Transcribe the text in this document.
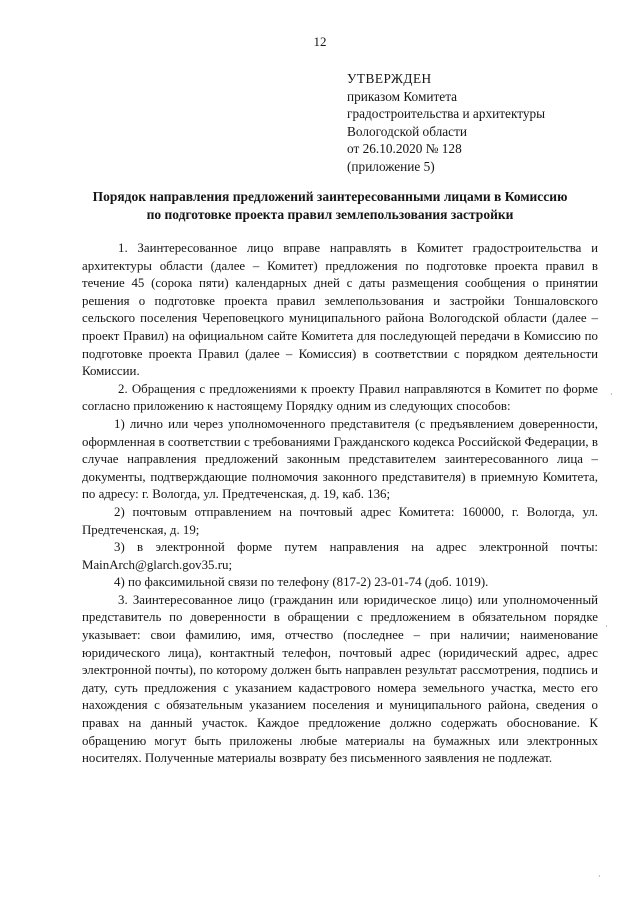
12
УТВЕРЖДЕН
приказом Комитета
градостроительства и архитектуры
Вологодской области
от 26.10.2020 № 128
(приложение 5)
Порядок направления предложений заинтересованными лицами в Комиссию
по подготовке проекта правил землепользования застройки

1. Заинтересованное лицо вправе направлять в Комитет градостроительства и архитектуры области (далее – Комитет) предложения по подготовке проекта правил в течение 45 (сорока пяти) календарных дней с даты размещения сообщения о принятии решения о подготовке проекта правил землепользования и застройки Тоншаловского сельского поселения Череповецкого муниципального района Вологодской области (далее – проект Правил) на официальном сайте Комитета для последующей передачи в Комиссию по подготовке проекта Правил (далее – Комиссия) в соответствии с порядком деятельности Комиссии.

2. Обращения с предложениями к проекту Правил направляются в Комитет по форме согласно приложению к настоящему Порядку одним из следующих способов:

1) лично или через уполномоченного представителя (с предъявлением доверенности, оформленная в соответствии с требованиями Гражданского кодекса Российской Федерации, в случае направления предложений законным представителем заинтересованного лица – документы, подтверждающие полномочия законного представителя) в приемную Комитета, по адресу: г. Вологда, ул. Предтеченская, д. 19, каб. 136;

2) почтовым отправлением на почтовый адрес Комитета: 160000, г. Вологда, ул. Предтеченская, д. 19;

3) в электронной форме путем направления на адрес электронной почты: MainArch@glarch.gov35.ru;

4) по факсимильной связи по телефону (817-2) 23-01-74 (доб. 1019).

3. Заинтересованное лицо (гражданин или юридическое лицо) или уполномоченный представитель по доверенности в обращении с предложением в обязательном порядке указывает: свои фамилию, имя, отчество (последнее – при наличии; наименование юридического лица), контактный телефон, почтовый адрес (юридический адрес, адрес электронной почты), по которому должен быть направлен результат рассмотрения, подпись и дату, суть предложения с указанием кадастрового номера земельного участка, место его нахождения с обязательным указанием поселения и муниципального района, сведения о правах на данный участок. Каждое предложение должно содержать обоснование. К обращению могут быть приложены любые материалы на бумажных или электронных носителях. Полученные материалы возврату без письменного заявления не подлежат.

·
·
·
